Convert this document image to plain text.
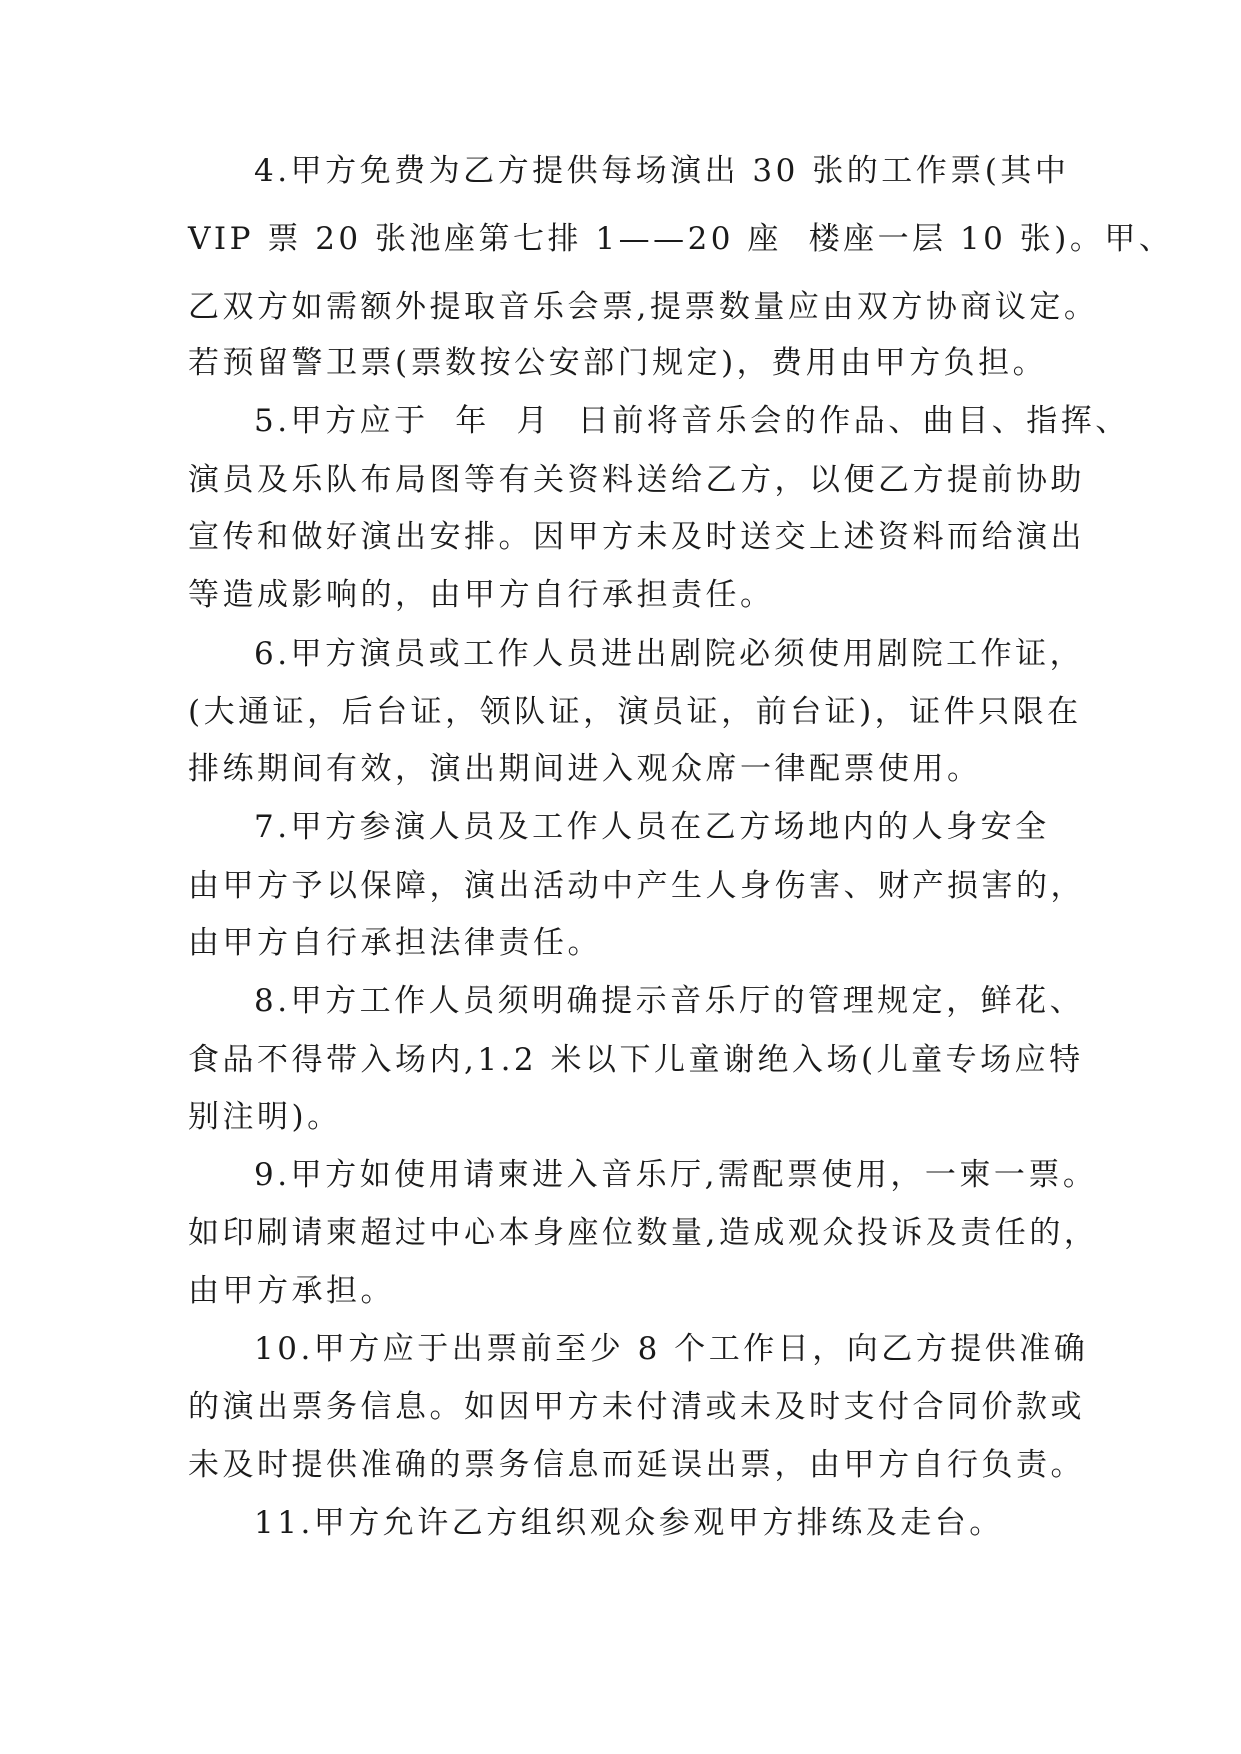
4.甲方免费为乙方提供每场演出 30 张的工作票(其中
VIP 票 20 张池座第七排 1——20 座  楼座一层 10 张)。甲、
乙双方如需额外提取音乐会票,提票数量应由双方协商议定。
若预留警卫票(票数按公安部门规定)，费用由甲方负担。
5.甲方应于  年  月  日前将音乐会的作品、曲目、指挥、
演员及乐队布局图等有关资料送给乙方，以便乙方提前协助
宣传和做好演出安排。因甲方未及时送交上述资料而给演出
等造成影响的，由甲方自行承担责任。
6.甲方演员或工作人员进出剧院必须使用剧院工作证，
(大通证，后台证，领队证，演员证，前台证)，证件只限在
排练期间有效，演出期间进入观众席一律配票使用。
7.甲方参演人员及工作人员在乙方场地内的人身安全
由甲方予以保障，演出活动中产生人身伤害、财产损害的，
由甲方自行承担法律责任。
8.甲方工作人员须明确提示音乐厅的管理规定，鲜花、
食品不得带入场内,1.2 米以下儿童谢绝入场(儿童专场应特
别注明)。
9.甲方如使用请柬进入音乐厅,需配票使用，一柬一票。
如印刷请柬超过中心本身座位数量,造成观众投诉及责任的，
由甲方承担。
10.甲方应于出票前至少 8 个工作日，向乙方提供准确
的演出票务信息。如因甲方未付清或未及时支付合同价款或
未及时提供准确的票务信息而延误出票，由甲方自行负责。
11.甲方允许乙方组织观众参观甲方排练及走台。
